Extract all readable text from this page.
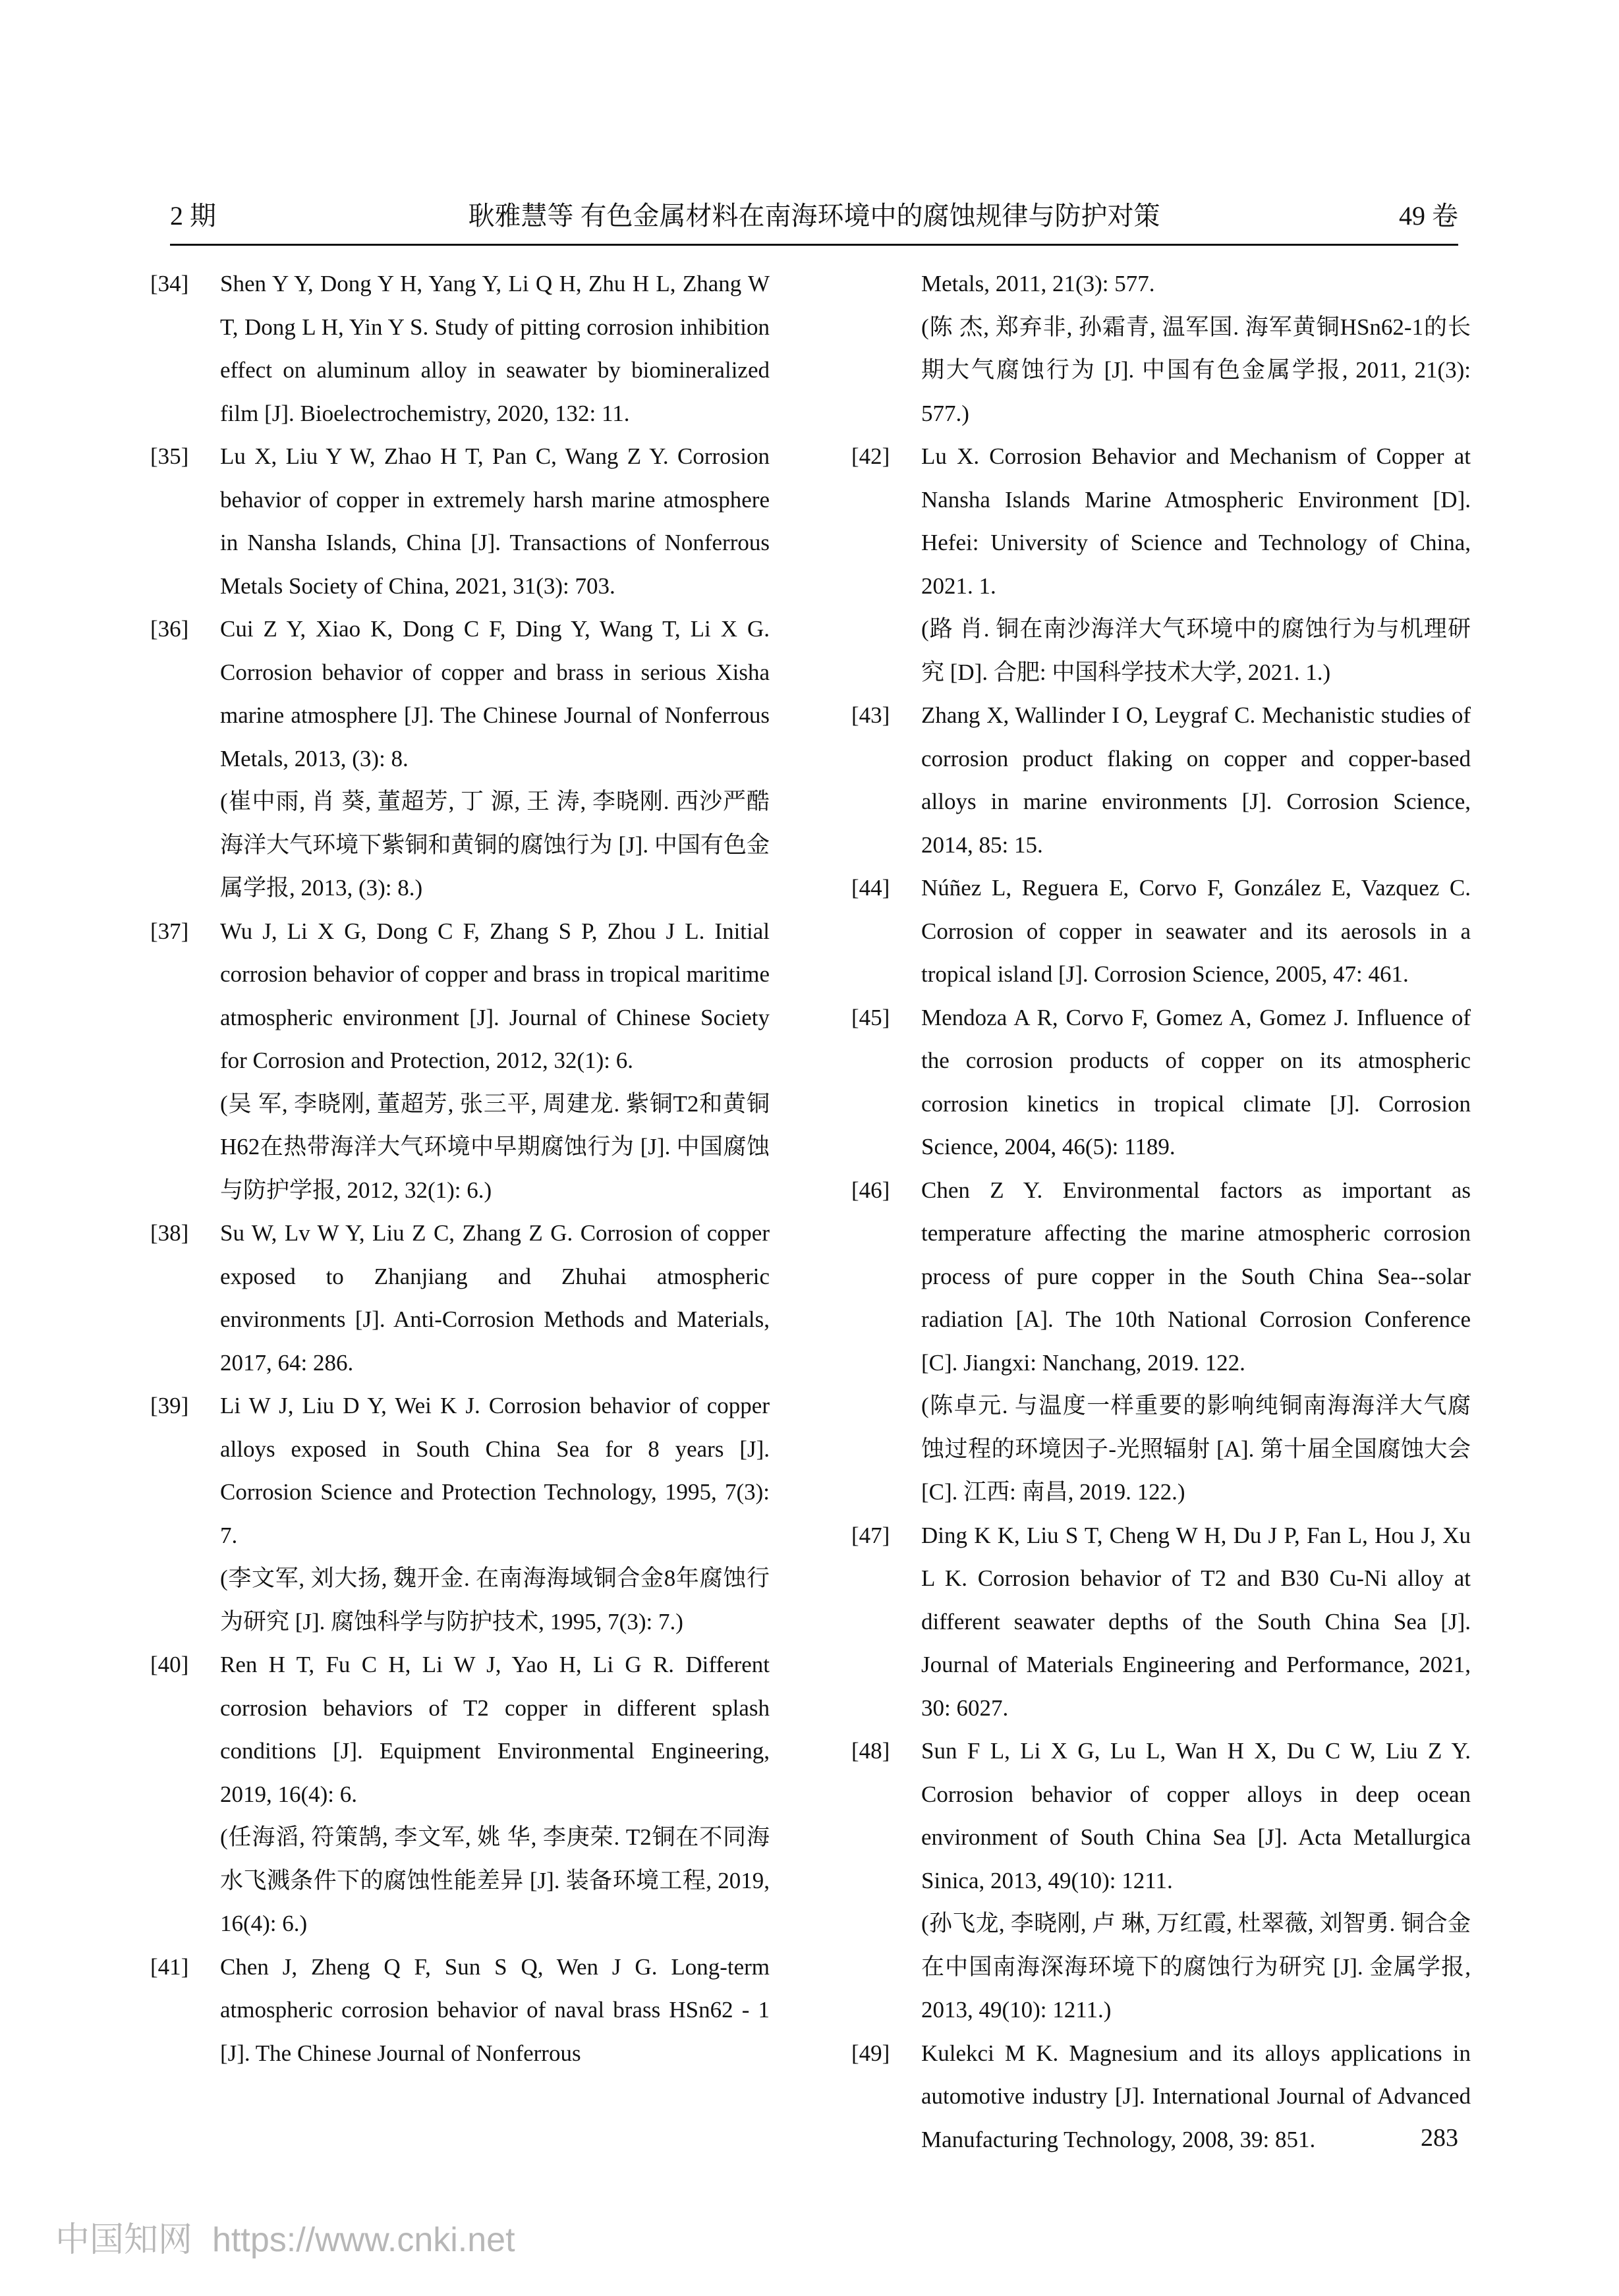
2 期	耿雅慧等 有色金属材料在南海环境中的腐蚀规律与防护对策	49 卷
[34] Shen Y Y, Dong Y H, Yang Y, Li Q H, Zhu H L, Zhang W T, Dong L H, Yin Y S. Study of pitting corrosion inhibition effect on aluminum alloy in seawater by biomineralized film [J]. Bioelectrochemistry, 2020, 132: 11.
[35] Lu X, Liu Y W, Zhao H T, Pan C, Wang Z Y. Corrosion behavior of copper in extremely harsh marine atmosphere in Nansha Islands, China [J]. Transactions of Nonferrous Metals Society of China, 2021, 31(3): 703.
[36] Cui Z Y, Xiao K, Dong C F, Ding Y, Wang T, Li X G. Corrosion behavior of copper and brass in serious Xisha marine atmosphere [J]. The Chinese Journal of Nonferrous Metals, 2013, (3): 8.
(崔中雨, 肖 葵, 董超芳, 丁 源, 王 涛, 李晓刚. 西沙严酷海洋大气环境下紫铜和黄铜的腐蚀行为 [J]. 中国有色金属学报, 2013, (3): 8.)
[37] Wu J, Li X G, Dong C F, Zhang S P, Zhou J L. Initial corrosion behavior of copper and brass in tropical maritime atmospheric environment [J]. Journal of Chinese Society for Corrosion and Protection, 2012, 32(1): 6.
(吴 军, 李晓刚, 董超芳, 张三平, 周建龙. 紫铜T2和黄铜H62在热带海洋大气环境中早期腐蚀行为 [J]. 中国腐蚀与防护学报, 2012, 32(1): 6.)
[38] Su W, Lv W Y, Liu Z C, Zhang Z G. Corrosion of copper exposed to Zhanjiang and Zhuhai atmospheric environments [J]. Anti-Corrosion Methods and Materials, 2017, 64: 286.
[39] Li W J, Liu D Y, Wei K J. Corrosion behavior of copper alloys exposed in South China Sea for 8 years [J]. Corrosion Science and Protection Technology, 1995, 7(3): 7.
(李文军, 刘大扬, 魏开金. 在南海海域铜合金8年腐蚀行为研究 [J]. 腐蚀科学与防护技术, 1995, 7(3): 7.)
[40] Ren H T, Fu C H, Li W J, Yao H, Li G R. Different corrosion behaviors of T2 copper in different splash conditions [J]. Equipment Environmental Engineering, 2019, 16(4): 6.
(任海滔, 符策鹄, 李文军, 姚 华, 李庚荣. T2铜在不同海水飞溅条件下的腐蚀性能差异 [J]. 装备环境工程, 2019, 16(4): 6.)
[41] Chen J, Zheng Q F, Sun S Q, Wen J G. Long-term atmospheric corrosion behavior of naval brass HSn62 - 1 [J]. The Chinese Journal of Nonferrous
Metals, 2011, 21(3): 577.
(陈 杰, 郑弃非, 孙霜青, 温军国. 海军黄铜HSn62-1的长期大气腐蚀行为 [J]. 中国有色金属学报, 2011, 21(3): 577.)
[42] Lu X. Corrosion Behavior and Mechanism of Copper at Nansha Islands Marine Atmospheric Environment [D]. Hefei: University of Science and Technology of China, 2021. 1.
(路 肖. 铜在南沙海洋大气环境中的腐蚀行为与机理研究 [D]. 合肥: 中国科学技术大学, 2021. 1.)
[43] Zhang X, Wallinder I O, Leygraf C. Mechanistic studies of corrosion product flaking on copper and copper-based alloys in marine environments [J]. Corrosion Science, 2014, 85: 15.
[44] Núñez L, Reguera E, Corvo F, González E, Vazquez C. Corrosion of copper in seawater and its aerosols in a tropical island [J]. Corrosion Science, 2005, 47: 461.
[45] Mendoza A R, Corvo F, Gomez A, Gomez J. Influence of the corrosion products of copper on its atmospheric corrosion kinetics in tropical climate [J]. Corrosion Science, 2004, 46(5): 1189.
[46] Chen Z Y. Environmental factors as important as temperature affecting the marine atmospheric corrosion process of pure copper in the South China Sea--solar radiation [A]. The 10th National Corrosion Conference [C]. Jiangxi: Nanchang, 2019. 122.
(陈卓元. 与温度一样重要的影响纯铜南海海洋大气腐蚀过程的环境因子-光照辐射 [A]. 第十届全国腐蚀大会 [C]. 江西: 南昌, 2019. 122.)
[47] Ding K K, Liu S T, Cheng W H, Du J P, Fan L, Hou J, Xu L K. Corrosion behavior of T2 and B30 Cu-Ni alloy at different seawater depths of the South China Sea [J]. Journal of Materials Engineering and Performance, 2021, 30: 6027.
[48] Sun F L, Li X G, Lu L, Wan H X, Du C W, Liu Z Y. Corrosion behavior of copper alloys in deep ocean environment of South China Sea [J]. Acta Metallurgica Sinica, 2013, 49(10): 1211.
(孙飞龙, 李晓刚, 卢 琳, 万红霞, 杜翠薇, 刘智勇. 铜合金在中国南海深海环境下的腐蚀行为研究 [J]. 金属学报, 2013, 49(10): 1211.)
[49] Kulekci M K. Magnesium and its alloys applications in automotive industry [J]. International Journal of Advanced Manufacturing Technology, 2008, 39: 851.	283
中国知网 https://www.cnki.net
